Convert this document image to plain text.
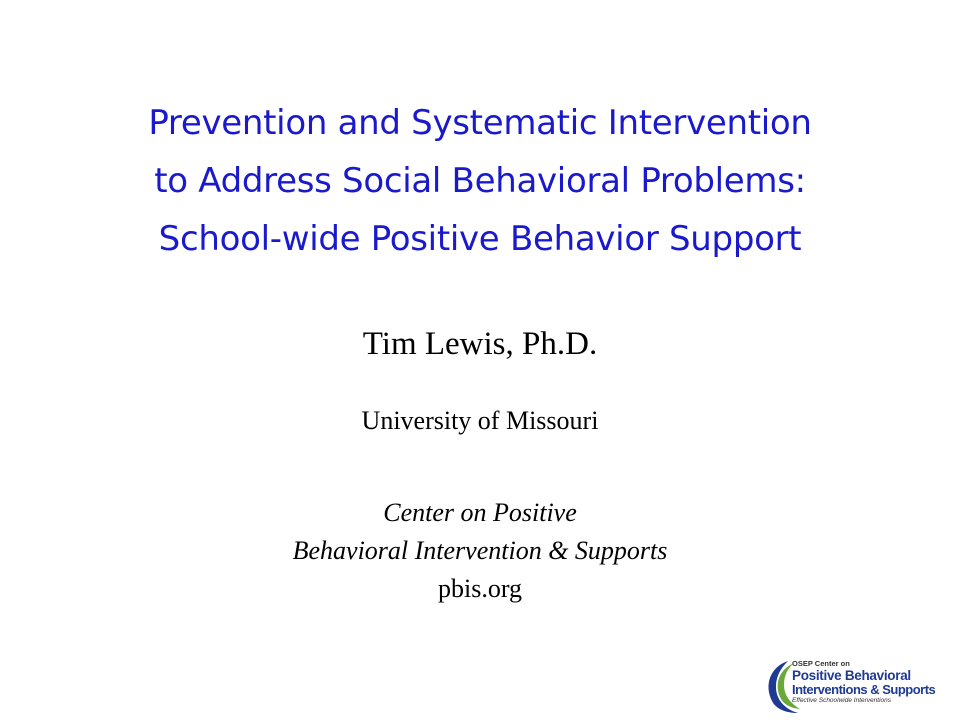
Prevention and Systematic Intervention
to Address Social Behavioral Problems:
School-wide Positive Behavior Support
Tim Lewis, Ph.D.
University of Missouri
Center on Positive
Behavioral Intervention & Supports
pbis.org
OSEP Center on
Positive Behavioral
Interventions & Supports
Effective Schoolwide Interventions
